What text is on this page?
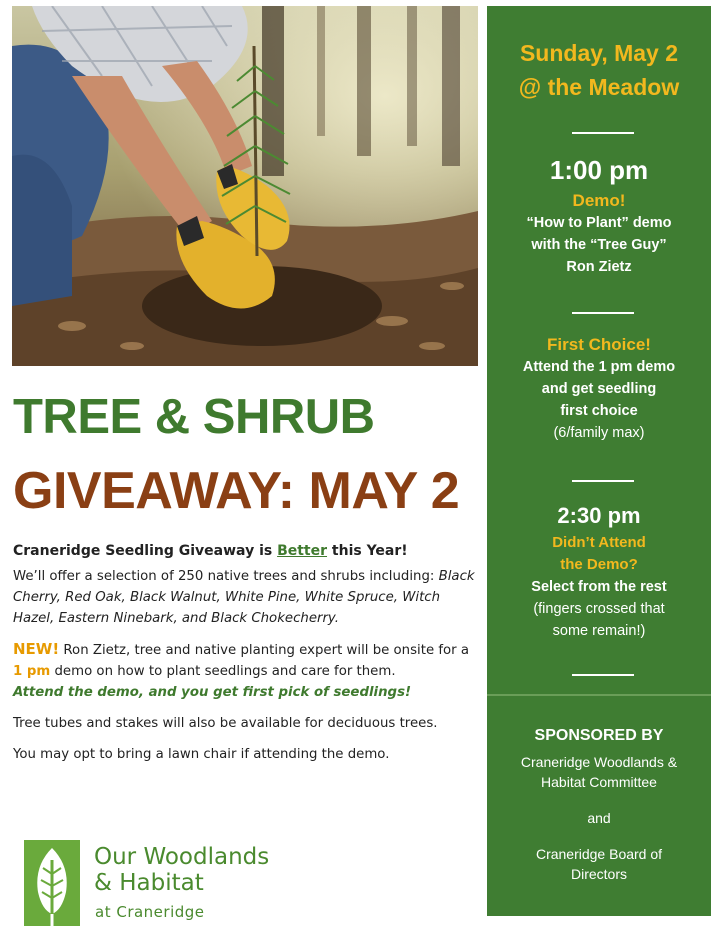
TREE & SHRUB
GIVEAWAY: MAY 2

Craneridge Seedling Giveaway is Better this Year!

We’ll offer a selection of 250 native trees and shrubs including: Black Cherry, Red Oak, Black Walnut, White Pine, White Spruce, Witch Hazel, Eastern Ninebark, and Black Chokecherry.

NEW! Ron Zietz, tree and native planting expert will be onsite for a 1 pm demo on how to plant seedlings and care for them.
Attend the demo, and you get first pick of seedlings!

Tree tubes and stakes will also be available for deciduous trees.

You may opt to bring a lawn chair if attending the demo.

Our Woodlands
& Habitat
at Craneridge
Sunday, May 2
@ the Meadow
1:00 pm
Demo!
“How to Plant” demo
with the “Tree Guy”
Ron Zietz
First Choice!
Attend the 1 pm demo
and get seedling
first choice
(6/family max)
2:30 pm
Didn’t Attend
the Demo?
Select from the rest
(fingers crossed that
some remain!)
SPONSORED BY
Craneridge Woodlands &
Habitat Committee
and
Craneridge Board of
Directors
